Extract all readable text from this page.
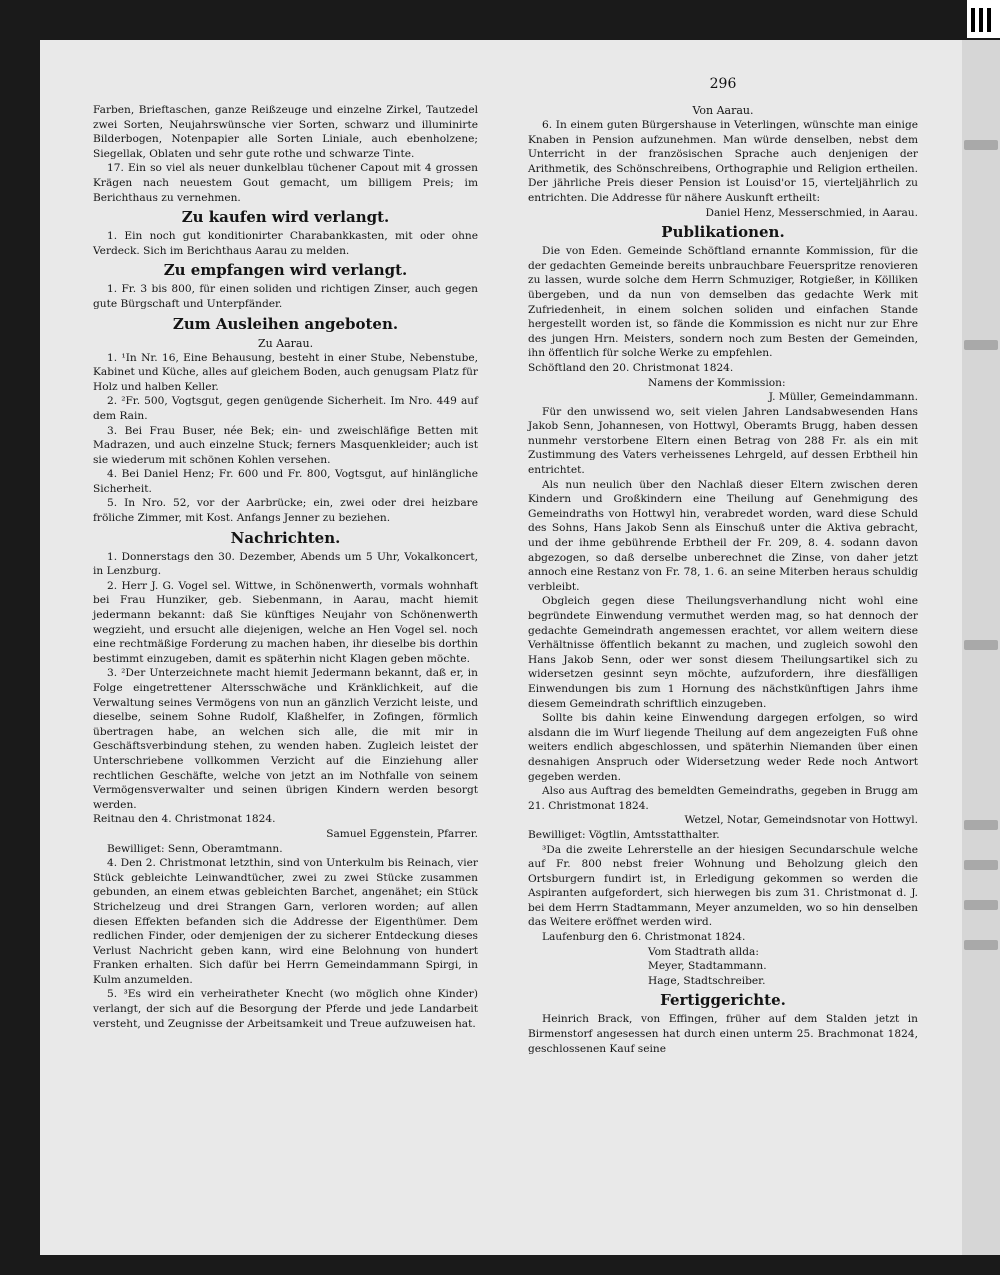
296

Farben, Brieftaschen, ganze Reißzeuge und einzelne Zirkel, Tautzedel zwei Sorten, Neujahrswünsche vier Sorten, schwarz und illuminirte Bilderbogen, Notenpapier alle Sorten Liniale, auch ebenholzene; Siegellak, Oblaten und sehr gute rothe und schwarze Tinte.

17. Ein so viel als neuer dunkelblau tüchener Capout mit 4 grossen Krägen nach neuestem Gout gemacht, um billigem Preis; im Berichthaus zu vernehmen.

Zu kaufen wird verlangt.

1. Ein noch gut konditionirter Charabankkasten, mit oder ohne Verdeck. Sich im Berichthaus Aarau zu melden.

Zu empfangen wird verlangt.

1. Fr. 3 bis 800, für einen soliden und richtigen Zinser, auch gegen gute Bürgschaft und Unterpfänder.

Zum Ausleihen angeboten.

Zu Aarau.

1. ¹In Nr. 16, Eine Behausung, besteht in einer Stube, Nebenstube, Kabinet und Küche, alles auf gleichem Boden, auch genugsam Platz für Holz und halben Keller.

2. ²Fr. 500, Vogtsgut, gegen genügende Sicherheit. Im Nro. 449 auf dem Rain.

3. Bei Frau Buser, née Bek; ein- und zweischläfige Betten mit Madrazen, und auch einzelne Stuck; ferners Masquenkleider; auch ist sie wiederum mit schönen Kohlen versehen.

4. Bei Daniel Henz; Fr. 600 und Fr. 800, Vogtsgut, auf hinlängliche Sicherheit.

5. In Nro. 52, vor der Aarbrücke; ein, zwei oder drei heizbare fröliche Zimmer, mit Kost. Anfangs Jenner zu beziehen.

Nachrichten.

1. Donnerstags den 30. Dezember, Abends um 5 Uhr, Vokalkoncert, in Lenzburg.

2. Herr J. G. Vogel sel. Wittwe, in Schönenwerth, vormals wohnhaft bei Frau Hunziker, geb. Siebenmann, in Aarau, macht hiemit jedermann bekannt: daß Sie künftiges Neujahr von Schönenwerth wegzieht, und ersucht alle diejenigen, welche an Hen Vogel sel. noch eine rechtmäßige Forderung zu machen haben, ihr dieselbe bis dorthin bestimmt einzugeben, damit es späterhin nicht Klagen geben möchte.

3. ²Der Unterzeichnete macht hiemit Jedermann bekannt, daß er, in Folge eingetrettener Altersschwäche und Kränklichkeit, auf die Verwaltung seines Vermögens von nun an gänzlich Verzicht leiste, und dieselbe, seinem Sohne Rudolf, Klaßhelfer, in Zofingen, förmlich übertragen habe, an welchen sich alle, die mit mir in Geschäftsverbindung stehen, zu wenden haben. Zugleich leistet der Unterschriebene vollkommen Verzicht auf die Einziehung aller rechtlichen Geschäfte, welche von jetzt an im Nothfalle von seinem Vermögensverwalter und seinen übrigen Kindern werden besorgt werden.

Reitnau den 4. Christmonat 1824.

Samuel Eggenstein, Pfarrer.

Bewilliget: Senn, Oberamtmann.

4. Den 2. Christmonat letzthin, sind von Unterkulm bis Reinach, vier Stück gebleichte Leinwandtücher, zwei zu zwei Stücke zusammen gebunden, an einem etwas gebleichten Barchet, angenähet; ein Stück Strichelzeug und drei Strangen Garn, verloren worden; auf allen diesen Effekten befanden sich die Addresse der Eigenthümer. Dem redlichen Finder, oder demjenigen der zu sicherer Entdeckung dieses Verlust Nachricht geben kann, wird eine Belohnung von hundert Franken erhalten. Sich dafür bei Herrn Gemeindammann Spirgi, in Kulm anzumelden.

5. ³Es wird ein verheiratheter Knecht (wo möglich ohne Kinder) verlangt, der sich auf die Besorgung der Pferde und jede Landarbeit versteht, und Zeugnisse der Arbeitsamkeit und Treue aufzuweisen hat.

Von Aarau.

6. In einem guten Bürgershause in Veterlingen, wünschte man einige Knaben in Pension aufzunehmen. Man würde denselben, nebst dem Unterricht in der französischen Sprache auch denjenigen der Arithmetik, des Schönschreibens, Orthographie und Religion ertheilen. Der jährliche Preis dieser Pension ist Louisd'or 15, vierteljährlich zu entrichten. Die Addresse für nähere Auskunft ertheilt:

Daniel Henz, Messerschmied, in Aarau.

Publikationen.

Die von Eden. Gemeinde Schöftland ernannte Kommission, für die der gedachten Gemeinde bereits unbrauchbare Feuerspritze renovieren zu lassen, wurde solche dem Herrn Schmuziger, Rotgießer, in Kölliken übergeben, und da nun von demselben das gedachte Werk mit Zufriedenheit, in einem solchen soliden und einfachen Stande hergestellt worden ist, so fände die Kommission es nicht nur zur Ehre des jungen Hrn. Meisters, sondern noch zum Besten der Gemeinden, ihn öffentlich für solche Werke zu empfehlen.

Schöftland den 20. Christmonat 1824.

Namens der Kommission:

J. Müller, Gemeindammann.

Für den unwissend wo, seit vielen Jahren Landsabwesenden Hans Jakob Senn, Johannesen, von Hottwyl, Oberamts Brugg, haben dessen nunmehr verstorbene Eltern einen Betrag von 288 Fr. als ein mit Zustimmung des Vaters verheissenes Lehrgeld, auf dessen Erbtheil hin entrichtet.

Als nun neulich über den Nachlaß dieser Eltern zwischen deren Kindern und Großkindern eine Theilung auf Genehmigung des Gemeindraths von Hottwyl hin, verabredet worden, ward diese Schuld des Sohns, Hans Jakob Senn als Einschuß unter die Aktiva gebracht, und der ihme gebührende Erbtheil der Fr. 209, 8. 4. sodann davon abgezogen, so daß derselbe unberechnet die Zinse, von daher jetzt annoch eine Restanz von Fr. 78, 1. 6. an seine Miterben heraus schuldig verbleibt.

Obgleich gegen diese Theilungsverhandlung nicht wohl eine begründete Einwendung vermuthet werden mag, so hat dennoch der gedachte Gemeindrath angemessen erachtet, vor allem weitern diese Verhältnisse öffentlich bekannt zu machen, und zugleich sowohl den Hans Jakob Senn, oder wer sonst diesem Theilungsartikel sich zu widersetzen gesinnt seyn möchte, aufzufordern, ihre diesfälligen Einwendungen bis zum 1 Hornung des nächstkünftigen Jahrs ihme diesem Gemeindrath schriftlich einzugeben.

Sollte bis dahin keine Einwendung dargegen erfolgen, so wird alsdann die im Wurf liegende Theilung auf dem angezeigten Fuß ohne weiters endlich abgeschlossen, und späterhin Niemanden über einen desnahigen Anspruch oder Widersetzung weder Rede noch Antwort gegeben werden.

Also aus Auftrag des bemeldten Gemeindraths, gegeben in Brugg am 21. Christmonat 1824.

Wetzel, Notar, Gemeindsnotar von Hottwyl.

Bewilliget: Vögtlin, Amtsstatthalter.

³Da die zweite Lehrerstelle an der hiesigen Secundarschule welche auf Fr. 800 nebst freier Wohnung und Beholzung gleich den Ortsburgern fundirt ist, in Erledigung gekommen so werden die Aspiranten aufgefordert, sich hierwegen bis zum 31. Christmonat d. J. bei dem Herrn Stadtammann, Meyer anzumelden, wo so hin denselben das Weitere eröffnet werden wird.

Laufenburg den 6. Christmonat 1824.

Vom Stadtrath allda:

Meyer, Stadtammann.

Hage, Stadtschreiber.

Fertiggerichte.

Heinrich Brack, von Effingen, früher auf dem Stalden jetzt in Birmenstorf angesessen hat durch einen unterm 25. Brachmonat 1824, geschlossenen Kauf seine
